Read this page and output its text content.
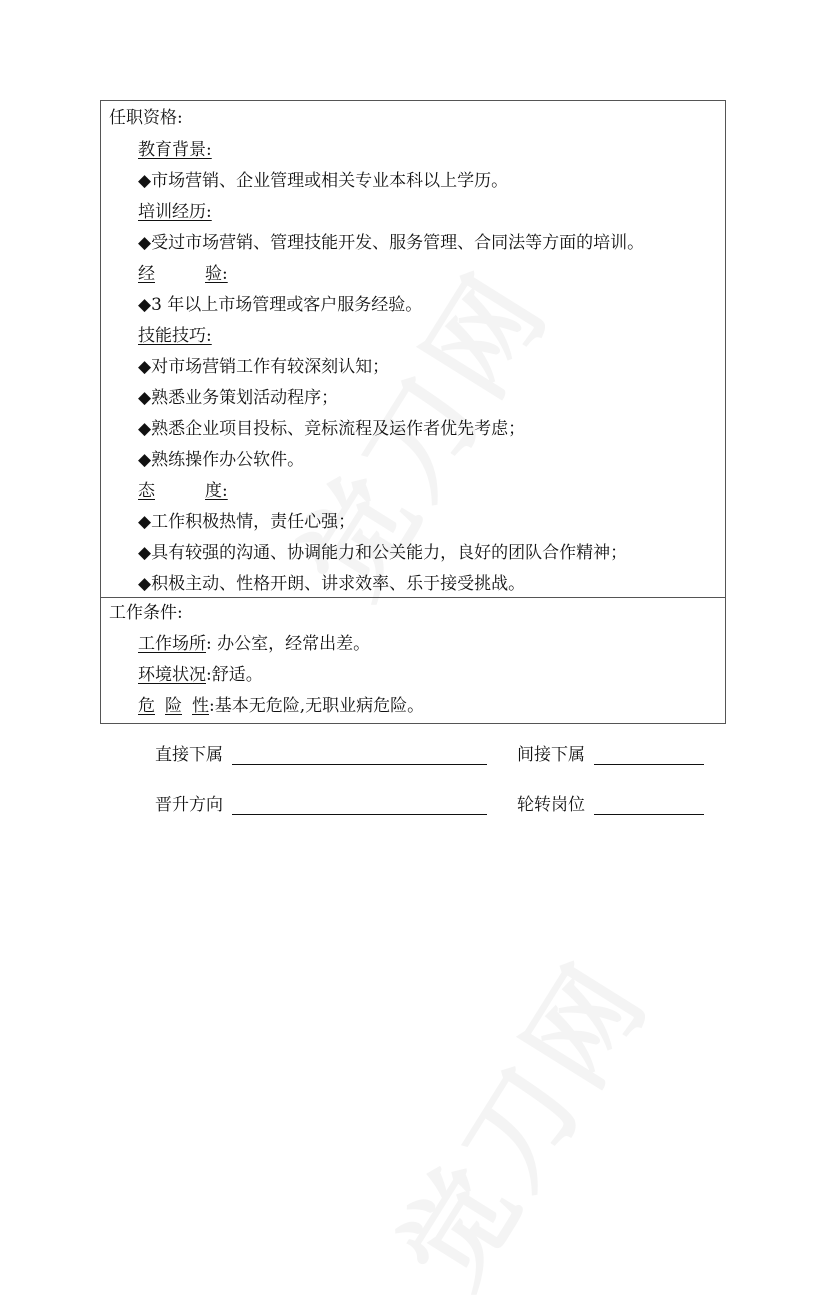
任职资格:
教育背景:
◆市场营销、企业管理或相关专业本科以上学历。
培训经历:
◆受过市场营销、管理技能开发、服务管理、合同法等方面的培训。
经	验:
◆3 年以上市场管理或客户服务经验。
技能技巧:
◆对市场营销工作有较深刻认知；
◆熟悉业务策划活动程序；
◆熟悉企业项目投标、竞标流程及运作者优先考虑；
◆熟练操作办公软件。
态	度:
◆工作积极热情，责任心强；
◆具有较强的沟通、协调能力和公关能力，良好的团队合作精神；
◆积极主动、性格开朗、讲求效率、乐于接受挑战。
工作条件:
工作场所: 办公室，经常出差。
环境状况:舒适。
危 险 性:基本无危险,无职业病危险。
直接下属	间接下属
晋升方向	轮转岗位
